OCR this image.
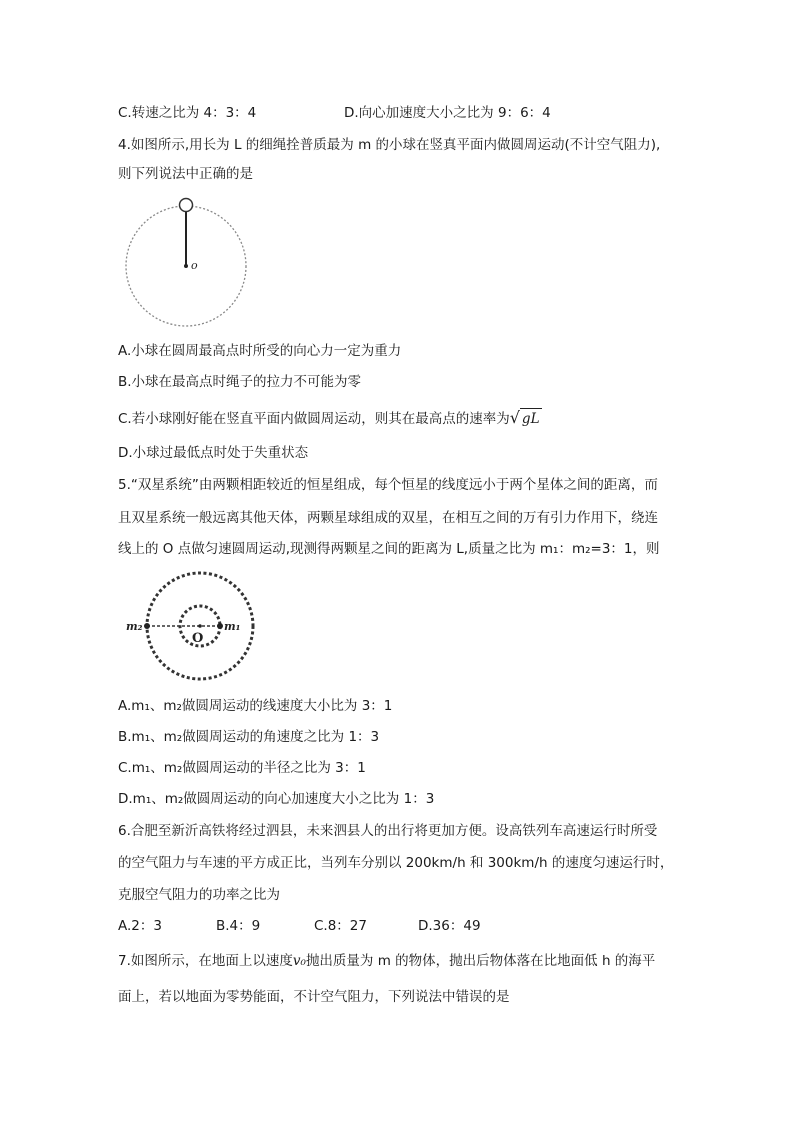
C.转速之比为 4：3：4	D.向心加速度大小之比为 9：6：4
4.如图所示,用长为 L 的细绳拴普质最为 m 的小球在竖真平面内做圆周运动(不计空气阻力),
则下列说法中正确的是
o
A.小球在圆周最高点时所受的向心力一定为重力
B.小球在最高点时绳子的拉力不可能为零
C.若小球刚好能在竖直平面内做圆周运动，则其在最高点的速率为√ gL
D.小球过最低点时处于失重状态
5.“双星系统”由两颗相距较近的恒星组成，每个恒星的线度远小于两个星体之间的距离，而
且双星系统一般远离其他天体，两颗星球组成的双星，在相互之间的万有引力作用下，绕连
线上的 O 点做匀速圆周运动,现测得两颗星之间的距离为 L,质量之比为 m₁：m₂=3：1，则
m₂	m₁
O
A.m₁、m₂做圆周运动的线速度大小比为 3：1
B.m₁、m₂做圆周运动的角速度之比为 1：3
C.m₁、m₂做圆周运动的半径之比为 3：1
D.m₁、m₂做圆周运动的向心加速度大小之比为 1：3
6.合肥至新沂高铁将经过泗县，未来泗县人的出行将更加方便。设高铁列车高速运行时所受
的空气阻力与车速的平方成正比，当列车分别以 200km/h 和 300km/h 的速度匀速运行时，
克服空气阻力的功率之比为
A.2：3	B.4：9	C.8：27	D.36：49
7.如图所示，在地面上以速度v₀抛出质量为 m 的物体，抛出后物体落在比地面低 h 的海平
面上，若以地面为零势能面，不计空气阻力，下列说法中错误的是
